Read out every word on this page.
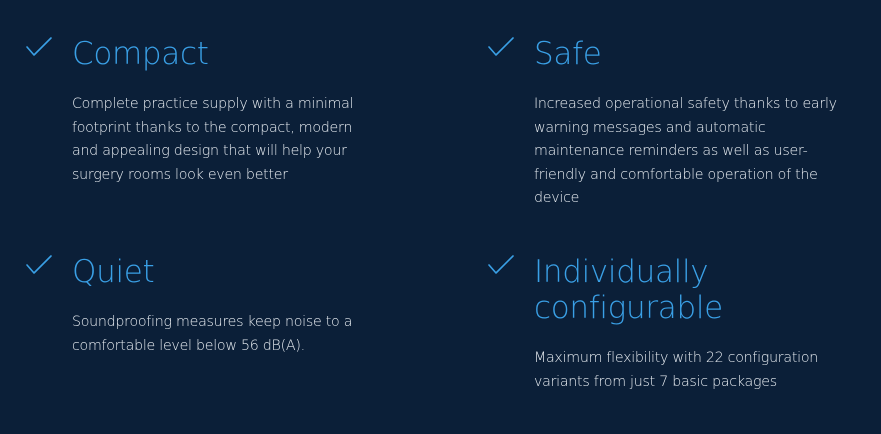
Compact

Complete practice supply with a minimal footprint thanks to the compact, modern and appealing design that will help your surgery rooms look even better

Safe

Increased operational safety thanks to early warning messages and automatic maintenance reminders as well as user-friendly and comfortable operation of the device

Quiet

Soundproofing measures keep noise to a comfortable level below 56 dB(A).

Individually configurable

Maximum flexibility with 22 configuration variants from just 7 basic packages
